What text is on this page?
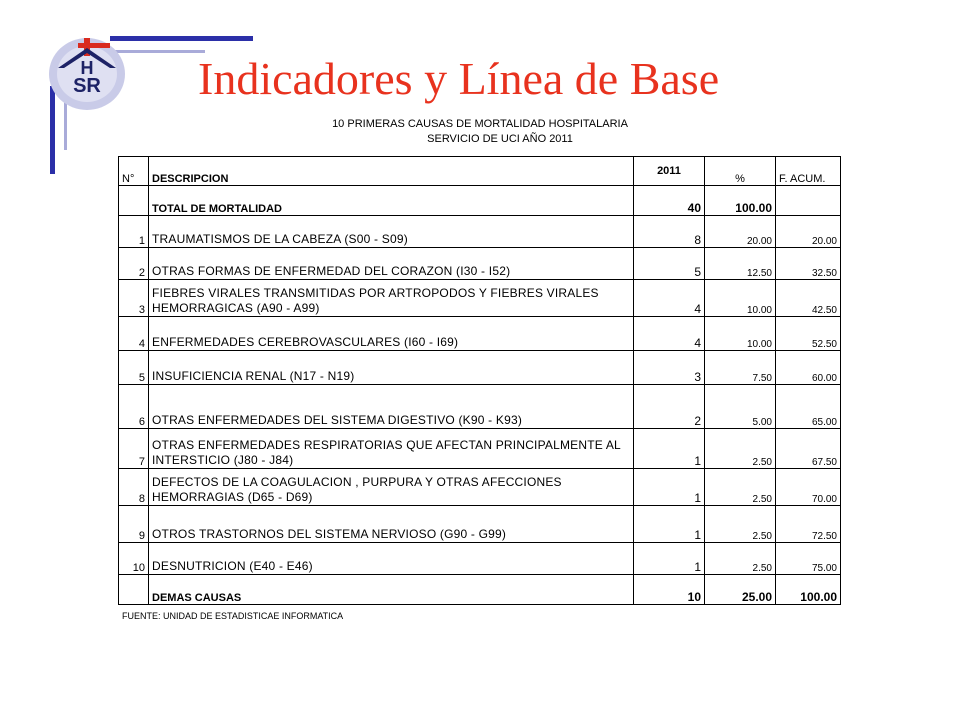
H
SR Indicadores y Línea de Base
10 PRIMERAS CAUSAS DE MORTALIDAD HOSPITALARIA
SERVICIO DE UCI AÑO 2011
N°	DESCRIPCION	2011	%	F. ACUM.
	TOTAL DE MORTALIDAD	40	100.00	
1	TRAUMATISMOS DE LA CABEZA (S00 - S09)	8	20.00	20.00
2	OTRAS FORMAS DE ENFERMEDAD DEL CORAZON (I30 - I52)	5	12.50	32.50
3	FIEBRES VIRALES TRANSMITIDAS POR ARTROPODOS Y FIEBRES VIRALES HEMORRAGICAS (A90 - A99)	4	10.00	42.50
4	ENFERMEDADES CEREBROVASCULARES (I60 - I69)	4	10.00	52.50
5	INSUFICIENCIA RENAL (N17 - N19)	3	7.50	60.00
6	OTRAS ENFERMEDADES DEL SISTEMA DIGESTIVO (K90 - K93)	2	5.00	65.00
7	OTRAS ENFERMEDADES RESPIRATORIAS QUE AFECTAN PRINCIPALMENTE AL INTERSTICIO (J80 - J84)	1	2.50	67.50
8	DEFECTOS DE LA COAGULACION , PURPURA Y OTRAS AFECCIONES HEMORRAGIAS (D65 - D69)	1	2.50	70.00
9	OTROS TRASTORNOS DEL SISTEMA NERVIOSO (G90 - G99)	1	2.50	72.50
10	DESNUTRICION (E40 - E46)	1	2.50	75.00
	DEMAS CAUSAS	10	25.00	100.00
FUENTE: UNIDAD DE ESTADISTICAE INFORMATICA
